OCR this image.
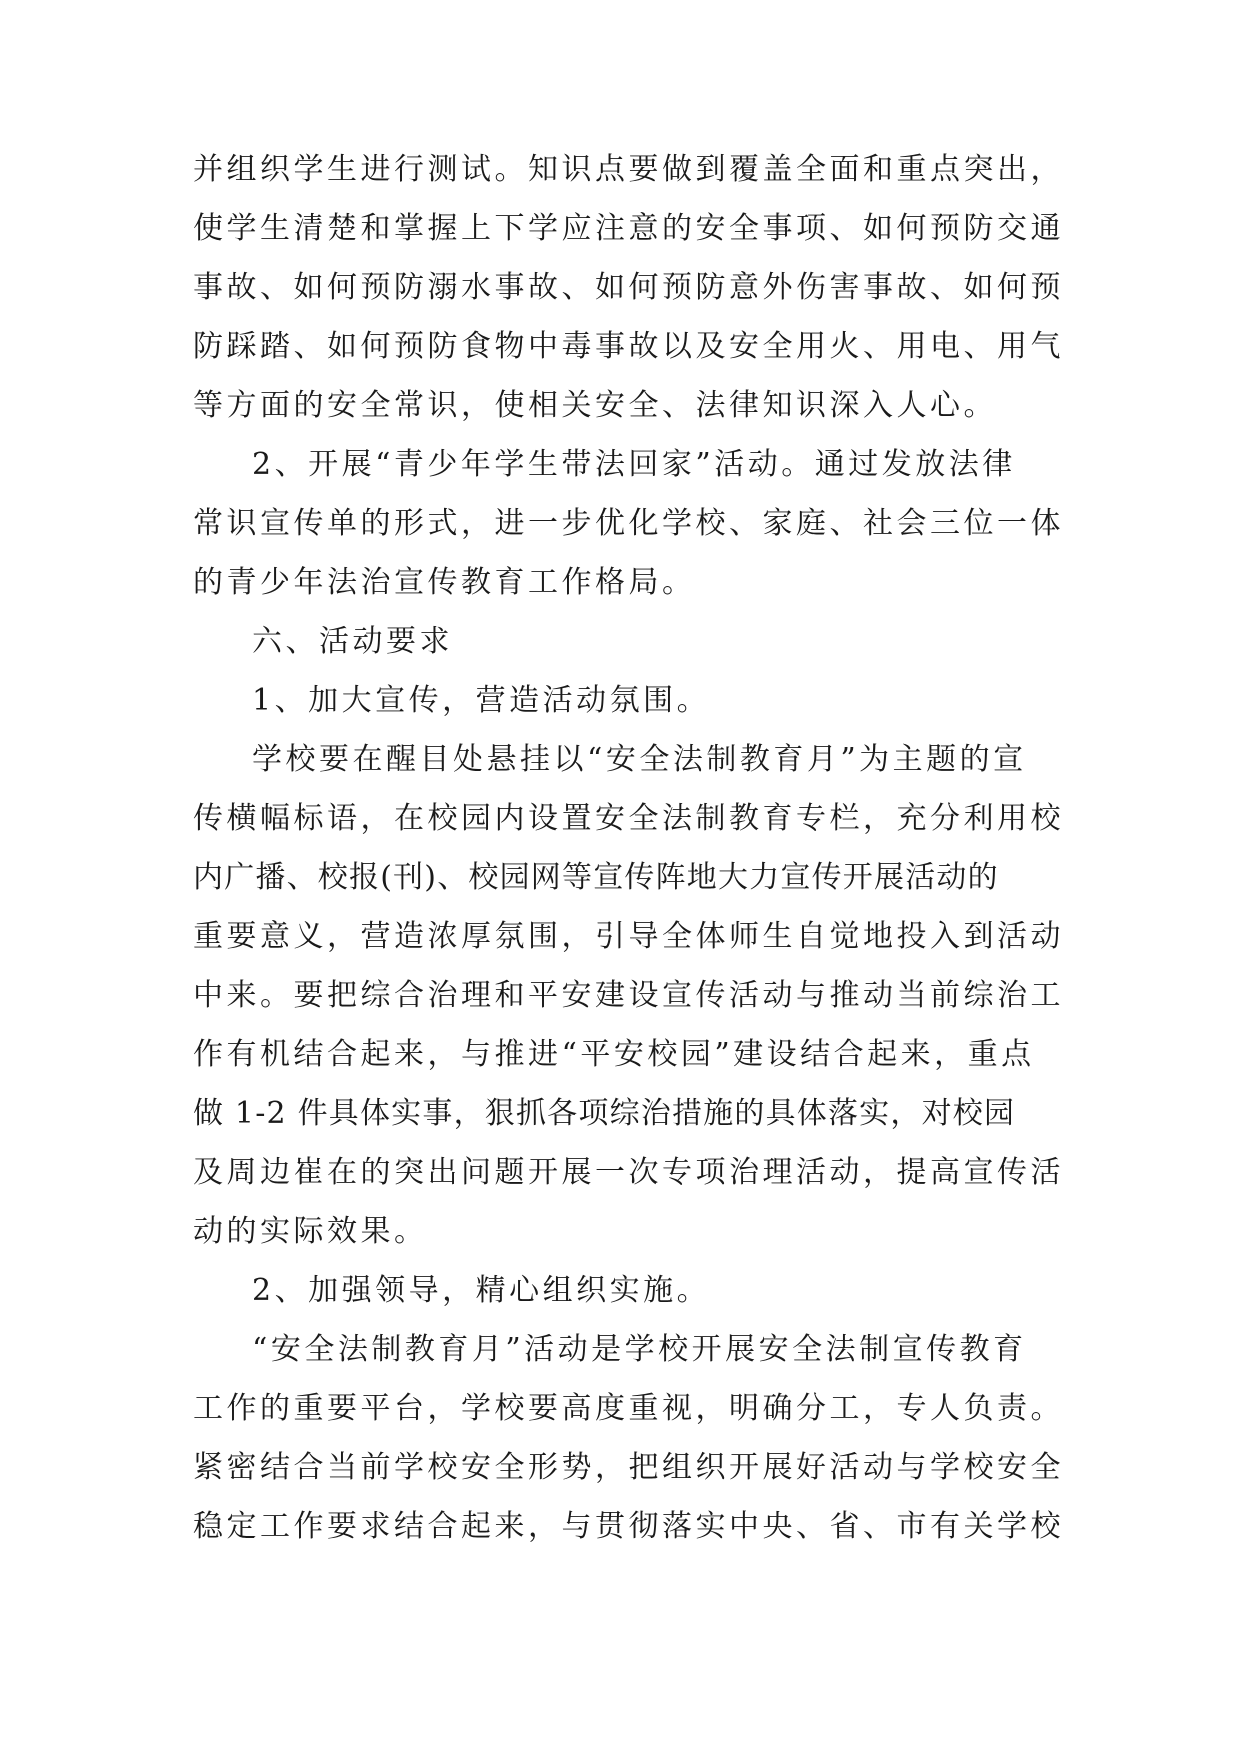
并组织学生进行测试。知识点要做到覆盖全面和重点突出，

使学生清楚和掌握上下学应注意的安全事项、如何预防交通

事故、如何预防溺水事故、如何预防意外伤害事故、如何预

防踩踏、如何预防食物中毒事故以及安全用火、用电、用气

等方面的安全常识，使相关安全、法律知识深入人心。

2、开展“青少年学生带法回家”活动。通过发放法律

常识宣传单的形式，进一步优化学校、家庭、社会三位一体

的青少年法治宣传教育工作格局。

六、活动要求

1、加大宣传，营造活动氛围。

学校要在醒目处悬挂以“安全法制教育月”为主题的宣

传横幅标语，在校园内设置安全法制教育专栏，充分利用校

内广播、校报(刊)、校园网等宣传阵地大力宣传开展活动的

重要意义，营造浓厚氛围，引导全体师生自觉地投入到活动

中来。要把综合治理和平安建设宣传活动与推动当前综治工

作有机结合起来，与推进“平安校园”建设结合起来，重点

做 1-2 件具体实事，狠抓各项综治措施的具体落实，对校园

及周边崔在的突出问题开展一次专项治理活动，提高宣传活

动的实际效果。

2、加强领导，精心组织实施。

“安全法制教育月”活动是学校开展安全法制宣传教育

工作的重要平台，学校要高度重视，明确分工，专人负责。

紧密结合当前学校安全形势，把组织开展好活动与学校安全

稳定工作要求结合起来，与贯彻落实中央、省、市有关学校
